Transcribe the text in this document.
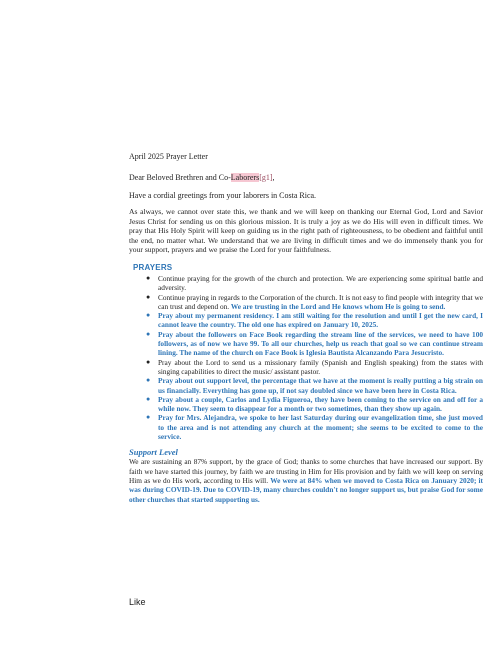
April 2025 Prayer Letter

Dear Beloved Brethren and Co-Laborers[g1],

Have a cordial greetings from your laborers in Costa Rica.

As always, we cannot over state this, we thank and we will keep on thanking our Eternal God, Lord and Savior Jesus Christ for sending us on this glorious mission. It is truly a joy as we do His will even in difficult times. We pray that His Holy Spirit will keep on guiding us in the right path of righteousness, to be obedient and faithful until the end, no matter what. We understand that we are living in difficult times and we do immensely thank you for your support, prayers and we praise the Lord for your faithfulness.

PRAYERS

● Continue praying for the growth of the church and protection. We are experiencing some spiritual battle and adversity.
● Continue praying in regards to the Corporation of the church. It is not easy to find people with integrity that we can trust and depend on. We are trusting in the Lord and He knows whom He is going to send.
● Pray about my permanent residency. I am still waiting for the resolution and until I get the new card, I cannot leave the country. The old one has expired on January 10, 2025.
● Pray about the followers on Face Book regarding the stream line of the services, we need to have 100 followers, as of now we have 99. To all our churches, help us reach that goal so we can continue stream lining. The name of the church on Face Book is Iglesia Bautista Alcanzando Para Jesucristo.
● Pray about the Lord to send us a missionary family (Spanish and English speaking) from the states with singing capabilities to direct the music/ assistant pastor.
● Pray about out support level, the percentage that we have at the moment is really putting a big strain on us financially. Everything has gone up, if not say doubled since we have been here in Costa Rica.
● Pray about a couple, Carlos and Lydia Figueroa, they have been coming to the service on and off for a while now. They seem to disappear for a month or two sometimes, than they show up again.
● Pray for Mrs. Alejandra, we spoke to her last Saturday during our evangelization time, she just moved to the area and is not attending any church at the moment; she seems to be excited to come to the service.

Support Level

We are sustaining an 87% support, by the grace of God; thanks to some churches that have increased our support. By faith we have started this journey, by faith we are trusting in Him for His provision and by faith we will keep on serving Him as we do His work, according to His will. We were at 84% when we moved to Costa Rica on January 2020; it was during COVID-19. Due to COVID-19, many churches couldn't no longer support us, but praise God for some other churches that started supporting us.

Like
